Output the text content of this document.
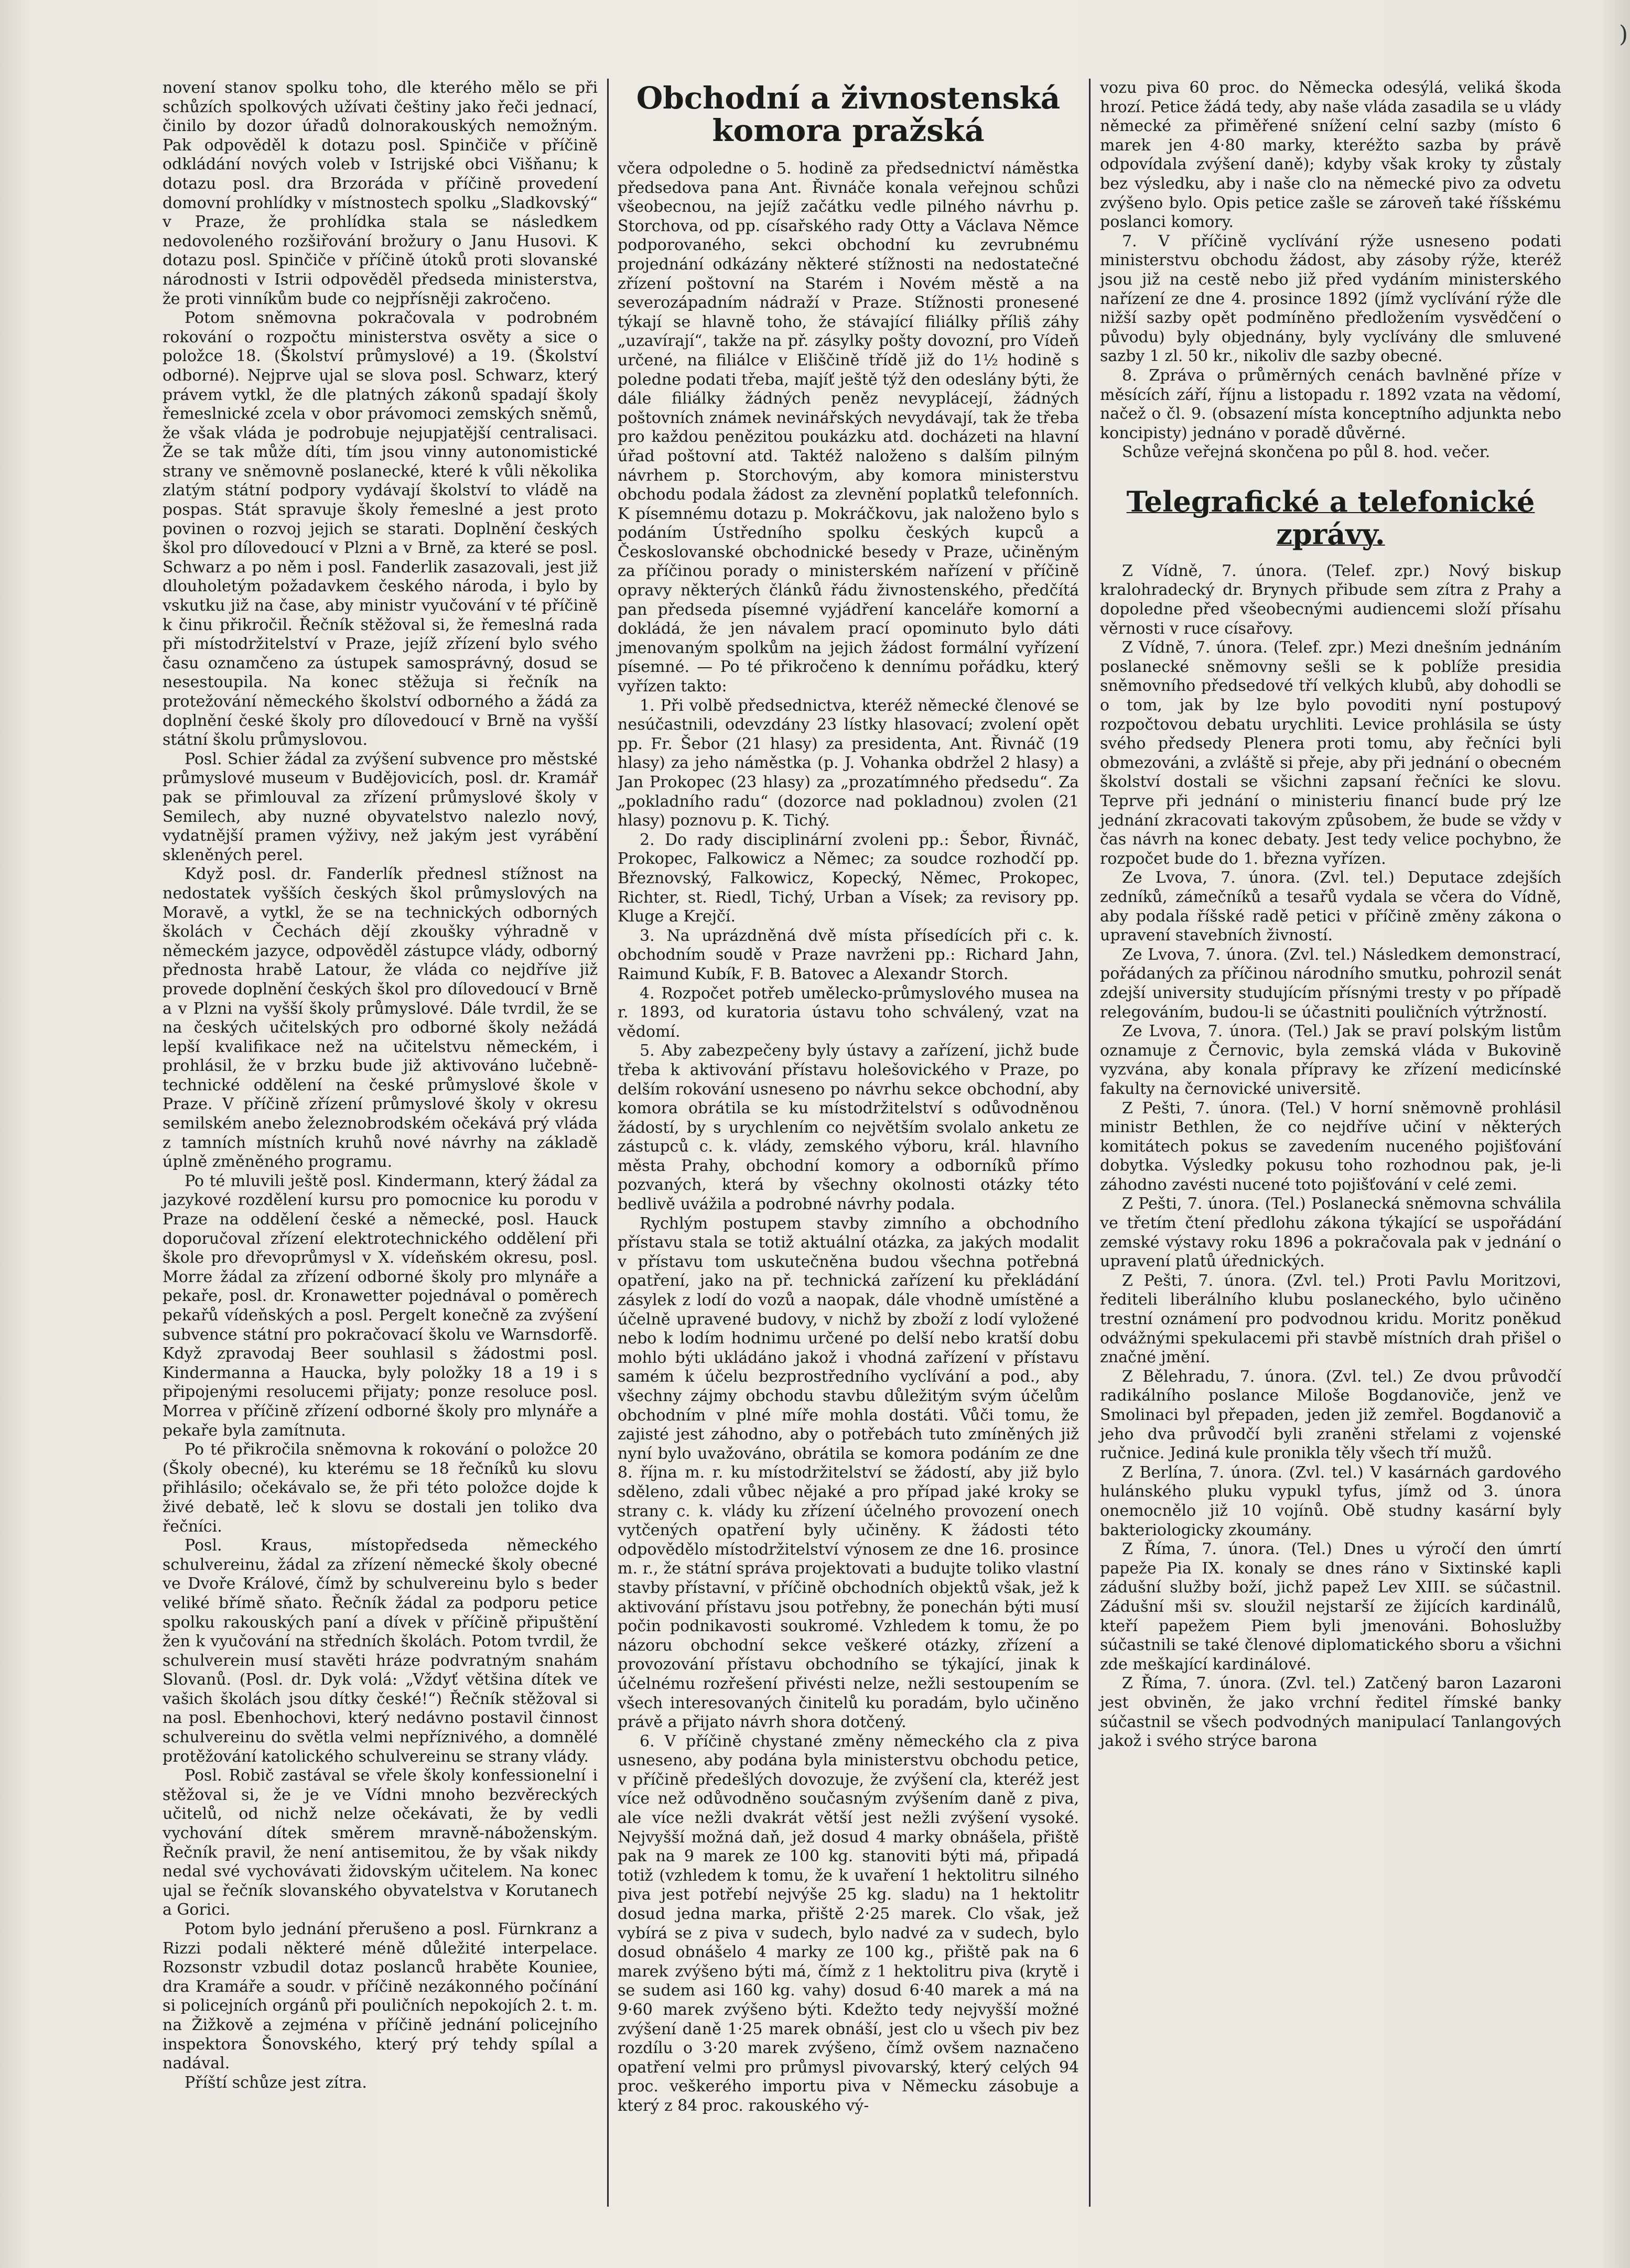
)

novení stanov spolku toho, dle kterého mělo se při schůzích spolkových užívati češtiny jako řeči jednací, činilo by dozor úřadů dolnorakouských nemožným. Pak odpověděl k dotazu posl. Spinčiče v příčině odkládání nových voleb v Istrijské obci Višňanu; k dotazu posl. dra Brzoráda v příčině provedení domovní prohlídky v místnostech spolku „Sladkovský“ v Praze, že prohlídka stala se následkem nedovoleného rozšiřování brožury o Janu Husovi. K dotazu posl. Spinčiče v příčině útoků proti slovanské národnosti v Istrii odpověděl předseda ministerstva, že proti vinníkům bude co nejpřísněji zakročeno.

Potom sněmovna pokračovala v podrobném rokování o rozpočtu ministerstva osvěty a sice o položce 18. (Školství průmyslové) a 19. (Školství odborné). Nejprve ujal se slova posl. Schwarz, který právem vytkl, že dle platných zákonů spadají školy řemeslnické zcela v obor právomoci zemských sněmů, že však vláda je podrobuje nejupjatější centralisaci. Že se tak může díti, tím jsou vinny autonomistické strany ve sněmovně poslanecké, které k vůli několika zlatým státní podpory vydávají školství to vládě na pospas. Stát spravuje školy řemeslné a jest proto povinen o rozvoj jejich se starati. Doplnění českých škol pro dílovedoucí v Plzni a v Brně, za které se posl. Schwarz a po něm i posl. Fanderlik zasazovali, jest již dlouholetým požadavkem českého národa, i bylo by vskutku již na čase, aby ministr vyučování v té příčině k činu přikročil. Řečník stěžoval si, že řemeslná rada při místodržitelství v Praze, jejíž zřízení bylo svého času oznamčeno za ústupek samosprávný, dosud se nesestoupila. Na konec stěžuja si řečník na protežování německého školství odborného a žádá za doplnění české školy pro dílovedoucí v Brně na vyšší státní školu průmyslovou.

Posl. Schier žádal za zvýšení subvence pro městské průmyslové museum v Budějovicích, posl. dr. Kramář pak se přimlouval za zřízení průmyslové školy v Semilech, aby nuzné obyvatelstvo nalezlo nový, vydatnější pramen výživy, než jakým jest vyrábění skleněných perel.

Když posl. dr. Fanderlík přednesl stížnost na nedostatek vyšších českých škol průmyslových na Moravě, a vytkl, že se na technických odborných školách v Čechách dějí zkoušky výhradně v německém jazyce, odpověděl zástupce vlády, odborný přednosta hrabě Latour, že vláda co nejdříve již provede doplnění českých škol pro dílovedoucí v Brně a v Plzni na vyšší školy průmyslové. Dále tvrdil, že se na českých učitelských pro odborné školy nežádá lepší kvalifikace než na učitelstvu německém, i prohlásil, že v brzku bude již aktivováno lučebně-technické oddělení na české průmyslové škole v Praze. V příčině zřízení průmyslové školy v okresu semilském anebo železnobrodském očekává prý vláda z tamních místních kruhů nové návrhy na základě úplně změněného programu.

Po té mluvili ještě posl. Kindermann, který žádal za jazykové rozdělení kursu pro pomocnice ku porodu v Praze na oddělení české a německé, posl. Hauck doporučoval zřízení elektrotechnického oddělení při škole pro dřevoprůmysl v X. vídeňském okresu, posl. Morre žádal za zřízení odborné školy pro mlynáře a pekaře, posl. dr. Kronawetter pojednával o poměrech pekařů vídeňských a posl. Pergelt konečně za zvýšení subvence státní pro pokračovací školu ve Warnsdorfě. Když zpravodaj Beer souhlasil s žádostmi posl. Kindermanna a Haucka, byly položky 18 a 19 i s připojenými resolucemi přijaty; ponze resoluce posl. Morrea v příčině zřízení odborné školy pro mlynáře a pekaře byla zamítnuta.

Po té přikročila sněmovna k rokování o položce 20 (Školy obecné), ku kterému se 18 řečníků ku slovu přihlásilo; očekávalo se, že při této položce dojde k živé debatě, leč k slovu se dostali jen toliko dva řečníci.

Posl. Kraus, místopředseda německého schulvereinu, žádal za zřízení německé školy obecné ve Dvoře Králové, čímž by schulvereinu bylo s beder veliké břímě sňato. Řečník žádal za podporu petice spolku rakouských paní a dívek v příčině připuštění žen k vyučování na středních školách. Potom tvrdil, že schulverein musí stavěti hráze podvratným snahám Slovanů. (Posl. dr. Dyk volá: „Vždyť většina dítek ve vašich školách jsou dítky české!“) Řečník stěžoval si na posl. Ebenhochovi, který nedávno postavil činnost schulvereinu do světla velmi nepříznivého, a domnělé protěžování katolického schulvereinu se strany vlády.

Posl. Robič zastával se vřele školy konfessionelní i stěžoval si, že je ve Vídni mnoho bezvěreckých učitelů, od nichž nelze očekávati, že by vedli vychování dítek směrem mravně-náboženským. Řečník pravil, že není antisemitou, že by však nikdy nedal své vychovávati židovským učitelem. Na konec ujal se řečník slovanského obyvatelstva v Korutanech a Gorici.

Potom bylo jednání přerušeno a posl. Fürnkranz a Rizzi podali některé méně důležité interpelace. Rozsonstr vzbudil dotaz poslanců hraběte Kouniee, dra Kramáře a soudr. v příčině nezákonného počínání si policejních orgánů při pouličních nepokojích 2. t. m. na Žižkově a zejména v příčině jednání policejního inspektora Šonovského, který prý tehdy spílal a nadával.

Příští schůze jest zítra.

Obchodní a živnostenská komora pražská

včera odpoledne o 5. hodině za předsednictví náměstka předsedova pana Ant. Řivnáče konala veřejnou schůzi všeobecnou, na jejíž začátku vedle pilného návrhu p. Storchova, od pp. císařského rady Otty a Václava Němce podporovaného, sekci obchodní ku zevrubnému projednání odkázány některé stížnosti na nedostatečné zřízení poštovní na Starém i Novém městě a na severozápadním nádraží v Praze. Stížnosti pronesené týkají se hlavně toho, že stávající filiálky příliš záhy „uzavírají“, takže na př. zásylky pošty dovozní, pro Vídeň určené, na filiálce v Eliščině třídě již do 1½ hodině s poledne podati třeba, majíť ještě týž den odeslány býti, že dále filiálky žádných peněz nevyplácejí, žádných poštovních známek nevinářských nevydávají, tak že třeba pro každou penězitou poukázku atd. docházeti na hlavní úřad poštovní atd. Taktéž naloženo s dalším pilným návrhem p. Storchovým, aby komora ministerstvu obchodu podala žádost za zlevnění poplatků telefonních. K písemnému dotazu p. Mokráčkovu, jak naloženo bylo s podáním Ústředního spolku českých kupců a Českoslovanské obchodnické besedy v Praze, učiněným za příčinou porady o ministerském nařízení v příčině opravy některých článků řádu živnostenského, předčítá pan předseda písemné vyjádření kanceláře komorní a dokládá, že jen návalem prací opominuto bylo dáti jmenovaným spolkům na jejich žádost formální vyřízení písemné. — Po té přikročeno k dennímu pořádku, který vyřízen takto:

1. Při volbě předsednictva, kteréž německé členové se nesúčastnili, odevzdány 23 lístky hlasovací; zvolení opět pp. Fr. Šebor (21 hlasy) za presidenta, Ant. Řivnáč (19 hlasy) za jeho náměstka (p. J. Vohanka obdržel 2 hlasy) a Jan Prokopec (23 hlasy) za „prozatímného předsedu“. Za „pokladního radu“ (dozorce nad pokladnou) zvolen (21 hlasy) poznovu p. K. Tichý.

2. Do rady disciplinární zvoleni pp.: Šebor, Řivnáč, Prokopec, Falkowicz a Němec; za soudce rozhodčí pp. Březnovský, Falkowicz, Kopecký, Němec, Prokopec, Richter, st. Riedl, Tichý, Urban a Vísek; za revisory pp. Kluge a Krejčí.

3. Na uprázdněná dvě místa přísedících při c. k. obchodním soudě v Praze navrženi pp.: Richard Jahn, Raimund Kubík, F. B. Batovec a Alexandr Storch.

4. Rozpočet potřeb umělecko-průmyslového musea na r. 1893, od kuratoria ústavu toho schválený, vzat na vědomí.

5. Aby zabezpečeny byly ústavy a zařízení, jichž bude třeba k aktivování přístavu holešovického v Praze, po delším rokování usneseno po návrhu sekce obchodní, aby komora obrátila se ku místodržitelství s odůvodněnou žádostí, by s urychlením co největším svolalo anketu ze zástupců c. k. vlády, zemského výboru, král. hlavního města Prahy, obchodní komory a odborníků přímo pozvaných, která by všechny okolnosti otázky této bedlivě uvážila a podrobné návrhy podala.

Rychlým postupem stavby zimního a obchodního přístavu stala se totiž aktuální otázka, za jakých modalit v přístavu tom uskutečněna budou všechna potřebná opatření, jako na př. technická zařízení ku překládání zásylek z lodí do vozů a naopak, dále vhodně umístěné a účelně upravené budovy, v nichž by zboží z lodí vyložené nebo k lodím hodnimu určené po delší nebo kratší dobu mohlo býti ukládáno jakož i vhodná zařízení v přístavu samém k účelu bezprostředního vyclívání a pod., aby všechny zájmy obchodu stavbu důležitým svým účelům obchodním v plné míře mohla dostáti. Vůči tomu, že zajisté jest záhodno, aby o potřebách tuto zmíněných již nyní bylo uvažováno, obrátila se komora podáním ze dne 8. října m. r. ku místodržitelství se žádostí, aby již bylo sděleno, zdali vůbec nějaké a pro případ jaké kroky se strany c. k. vlády ku zřízení účelného provození onech vytčených opatření byly učiněny. K žádosti této odpovědělo místodržitelství výnosem ze dne 16. prosince m. r., že státní správa projektovati a budujte toliko vlastní stavby přístavní, v příčině obchodních objektů však, jež k aktivování přístavu jsou potřebny, že ponechán býti musí počin podnikavosti soukromé. Vzhledem k tomu, že po názoru obchodní sekce veškeré otázky, zřízení a provozování přístavu obchodního se týkající, jinak k účelnému rozřešení přivésti nelze, nežli sestoupením se všech interesovaných činitelů ku poradám, bylo učiněno právě a přijato návrh shora dotčený.

6. V příčině chystané změny německého cla z piva usneseno, aby podána byla ministerstvu obchodu petice, v příčině předešlých dovozuje, že zvýšení cla, kteréž jest více než odůvodněno současným zvýšením daně z piva, ale více nežli dvakrát větší jest nežli zvýšení vysoké. Nejvyšší možná daň, jež dosud 4 marky obnášela, přiště pak na 9 marek ze 100 kg. stanoviti býti má, připadá totiž (vzhledem k tomu, že k uvaření 1 hektolitru silného piva jest potřebí nejvýše 25 kg. sladu) na 1 hektolitr dosud jedna marka, přiště 2·25 marek. Clo však, jež vybírá se z piva v sudech, bylo nadvé za v sudech, bylo dosud obnášelo 4 marky ze 100 kg., přiště pak na 6 marek zvýšeno býti má, čímž z 1 hektolitru piva (krytě i se sudem asi 160 kg. vahy) dosud 6·40 marek a má na 9·60 marek zvýšeno býti. Kdežto tedy nejvyšší možné zvýšení daně 1·25 marek obnáší, jest clo u všech piv bez rozdílu o 3·20 marek zvýšeno, čímž ovšem naznačeno opatření velmi pro průmysl pivovarský, který celých 94 proc. veškerého importu piva v Německu zásobuje a který z 84 proc. rakouského vý-

vozu piva 60 proc. do Německa odesýlá, veliká škoda hrozí. Petice žádá tedy, aby naše vláda zasadila se u vlády německé za přiměřené snížení celní sazby (místo 6 marek jen 4·80 marky, kteréžto sazba by právě odpovídala zvýšení daně); kdyby však kroky ty zůstaly bez výsledku, aby i naše clo na německé pivo za odvetu zvýšeno bylo. Opis petice zašle se zároveň také říšskému poslanci komory.

7. V příčině vyclívání rýže usneseno podati ministerstvu obchodu žádost, aby zásoby rýže, kteréž jsou již na cestě nebo již před vydáním ministerského nařízení ze dne 4. prosince 1892 (jímž vyclívání rýže dle nižší sazby opět podmíněno předložením vysvědčení o původu) byly objednány, byly vyclívány dle smluvené sazby 1 zl. 50 kr., nikoliv dle sazby obecné.

8. Zpráva o průměrných cenách bavlněné příze v měsících září, říjnu a listopadu r. 1892 vzata na vědomí, načež o čl. 9. (obsazení místa konceptního adjunkta nebo koncipisty) jednáno v poradě důvěrné.

Schůze veřejná skončena po půl 8. hod. večer.

Telegrafické a telefonické zprávy.

Z Vídně, 7. února. (Telef. zpr.) Nový biskup kralohradecký dr. Brynych přibude sem zítra z Prahy a dopoledne před všeobecnými audiencemi složí přísahu věrnosti v ruce císařovy.

Z Vídně, 7. února. (Telef. zpr.) Mezi dnešním jednáním poslanecké sněmovny sešli se k poblíže presidia sněmovního předsedové tří velkých klubů, aby dohodli se o tom, jak by lze bylo povoditi nyní postupový rozpočtovou debatu urychliti. Levice prohlásila se ústy svého předsedy Plenera proti tomu, aby řečníci byli obmezováni, a zvláště si přeje, aby při jednání o obecném školství dostali se všichni zapsaní řečníci ke slovu. Teprve při jednání o ministeriu financí bude prý lze jednání zkracovati takovým způsobem, že bude se vždy v čas návrh na konec debaty. Jest tedy velice pochybno, že rozpočet bude do 1. března vyřízen.

Ze Lvova, 7. února. (Zvl. tel.) Deputace zdejších zedníků, zámečníků a tesařů vydala se včera do Vídně, aby podala říšské radě petici v příčině změny zákona o upravení stavebních živností.

Ze Lvova, 7. února. (Zvl. tel.) Následkem demonstrací, pořádaných za příčinou národního smutku, pohrozil senát zdejší university studujícím přísnými tresty v po případě relegováním, budou-li se účastniti pouličních výtržností.

Ze Lvova, 7. února. (Tel.) Jak se praví polským listům oznamuje z Černovic, byla zemská vláda v Bukovině vyzvána, aby konala přípravy ke zřízení medicínské fakulty na černovické universitě.

Z Pešti, 7. února. (Tel.) V horní sněmovně prohlásil ministr Bethlen, že co nejdříve učiní v některých komitátech pokus se zavedením nuceného pojišťování dobytka. Výsledky pokusu toho rozhodnou pak, je-li záhodno zavésti nucené toto pojišťování v celé zemi.

Z Pešti, 7. února. (Tel.) Poslanecká sněmovna schválila ve třetím čtení předlohu zákona týkající se uspořádání zemské výstavy roku 1896 a pokračovala pak v jednání o upravení platů úřednických.

Z Pešti, 7. února. (Zvl. tel.) Proti Pavlu Moritzovi, řediteli liberálního klubu poslaneckého, bylo učiněno trestní oznámení pro podvodnou kridu. Moritz poněkud odvážnými spekulacemi při stavbě místních drah přišel o značné jmění.

Z Bělehradu, 7. února. (Zvl. tel.) Ze dvou průvodčí radikálního poslance Miloše Bogdanoviče, jenž ve Smolinaci byl přepaden, jeden již zemřel. Bogdanovič a jeho dva průvodčí byli zraněni střelami z vojenské ručnice. Jediná kule pronikla těly všech tří mužů.

Z Berlína, 7. února. (Zvl. tel.) V kasárnách gardového hulánského pluku vypukl tyfus, jímž od 3. února onemocnělo již 10 vojínů. Obě studny kasární byly bakteriologicky zkoumány.

Z Říma, 7. února. (Tel.) Dnes u výročí den úmrtí papeže Pia IX. konaly se dnes ráno v Sixtinské kapli zádušní služby boží, jichž papež Lev XIII. se súčastnil. Zádušní mši sv. sloužil nejstarší ze žijících kardinálů, kteří papežem Piem byli jmenováni. Bohoslužby súčastnili se také členové diplomatického sboru a všichni zde meškající kardinálové.

Z Říma, 7. února. (Zvl. tel.) Zatčený baron Lazaroni jest obviněn, že jako vrchní ředitel římské banky súčastnil se všech podvodných manipulací Tanlangových jakož i svého strýce barona
